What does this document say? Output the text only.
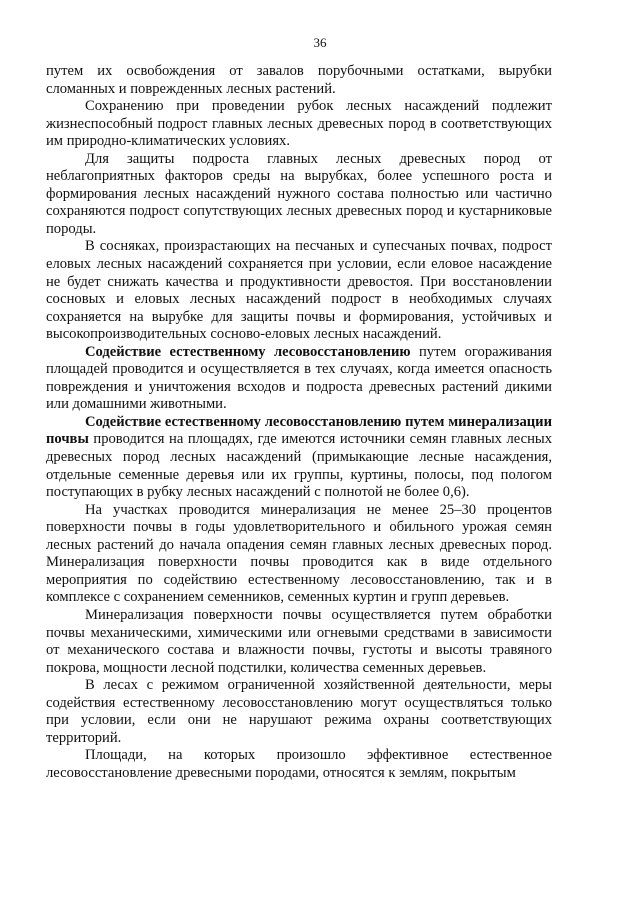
36

путем их освобождения от завалов порубочными остатками, вырубки сломанных и поврежденных лесных растений.

Сохранению при проведении рубок лесных насаждений подлежит жизнеспособный подрост главных лесных древесных пород в соответствующих им природно-климатических условиях.

Для защиты подроста главных лесных древесных пород от неблагоприятных факторов среды на вырубках, более успешного роста и формирования лесных насаждений нужного состава полностью или частично сохраняются подрост сопутствующих лесных древесных пород и кустарниковые породы.

В сосняках, произрастающих на песчаных и супесчаных почвах, подрост еловых лесных насаждений сохраняется при условии, если еловое насаждение не будет снижать качества и продуктивности древостоя. При восстановлении сосновых и еловых лесных насаждений подрост в необходимых случаях сохраняется на вырубке для защиты почвы и формирования, устойчивых и высокопроизводительных сосново-еловых лесных насаждений.

Содействие естественному лесовосстановлению путем огораживания площадей проводится и осуществляется в тех случаях, когда имеется опасность повреждения и уничтожения всходов и подроста древесных растений дикими или домашними животными.

Содействие естественному лесовосстановлению путем минерализации почвы проводится на площадях, где имеются источники семян главных лесных древесных пород лесных насаждений (примыкающие лесные насаждения, отдельные семенные деревья или их группы, куртины, полосы, под пологом поступающих в рубку лесных насаждений с полнотой не более 0,6).

На участках проводится минерализация не менее 25–30 процентов поверхности почвы в годы удовлетворительного и обильного урожая семян лесных растений до начала опадения семян главных лесных древесных пород. Минерализация поверхности почвы проводится как в виде отдельного мероприятия по содействию естественному лесовосстановлению, так и в комплексе с сохранением семенников, семенных куртин и групп деревьев.

Минерализация поверхности почвы осуществляется путем обработки почвы механическими, химическими или огневыми средствами в зависимости от механического состава и влажности почвы, густоты и высоты травяного покрова, мощности лесной подстилки, количества семенных деревьев.

В лесах с режимом ограниченной хозяйственной деятельности, меры содействия естественному лесовосстановлению могут осуществляться только при условии, если они не нарушают режима охраны соответствующих территорий.

Площади, на которых произошло эффективное естественное лесовосстановление древесными породами, относятся к землям, покрытым
